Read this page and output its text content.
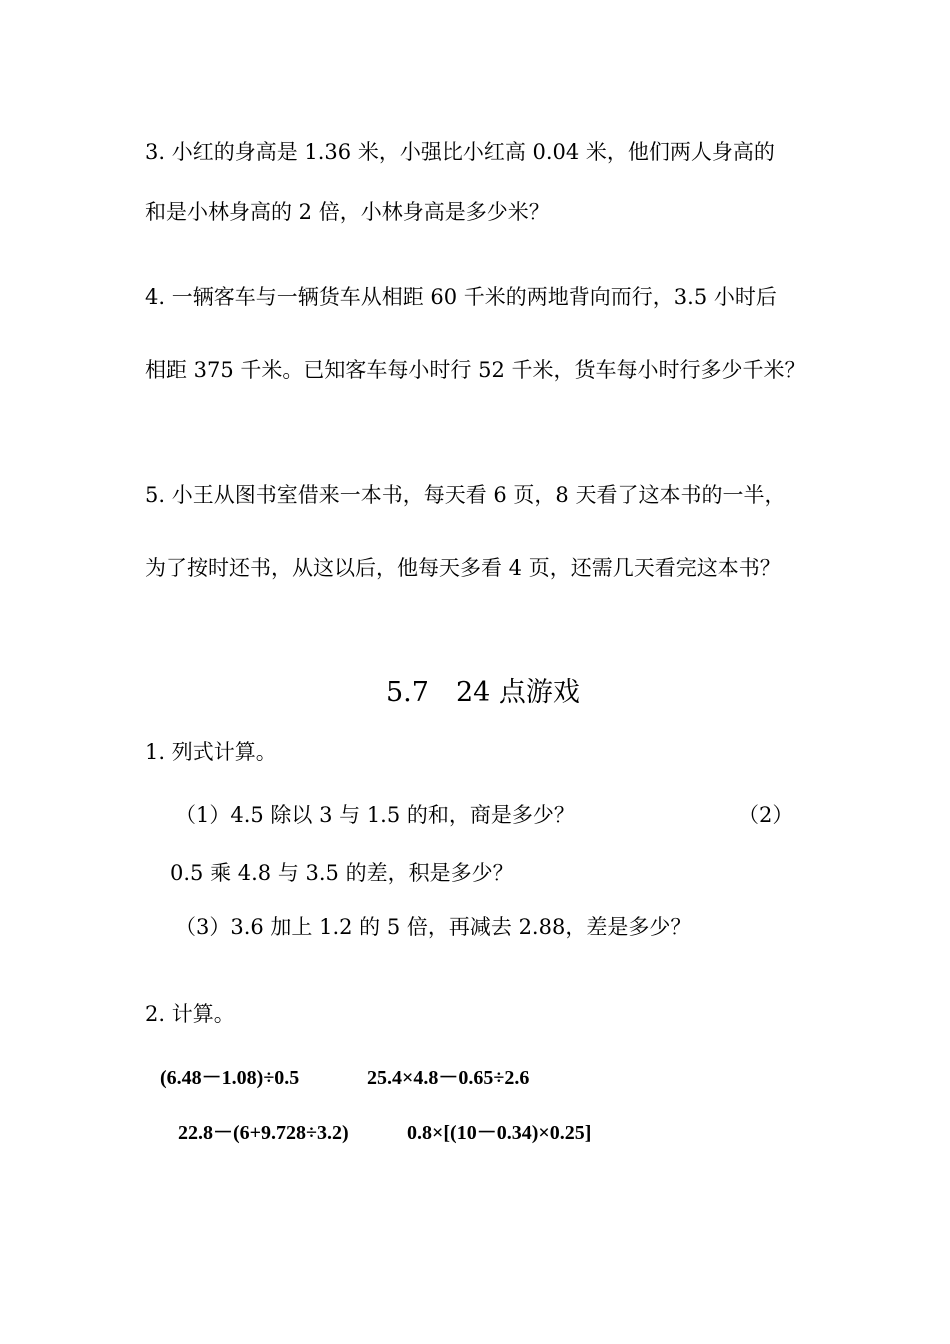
3. 小红的身高是 1.36 米，小强比小红高 0.04 米，他们两人身高的
和是小林身高的 2 倍，小林身高是多少米？
4. 一辆客车与一辆货车从相距 60 千米的两地背向而行，3.5 小时后
相距 375 千米。已知客车每小时行 52 千米，货车每小时行多少千米？
5. 小王从图书室借来一本书，每天看 6 页，8 天看了这本书的一半，
为了按时还书，从这以后，他每天多看 4 页，还需几天看完这本书？
5.7　24 点游戏
1. 列式计算。
（1）4.5 除以 3 与 1.5 的和，商是多少？	（2）
0.5 乘 4.8 与 3.5 的差，积是多少？
（3）3.6 加上 1.2 的 5 倍，再减去 2.88，差是多少？
2. 计算。
(6.48－1.08)÷0.5	25.4×4.8－0.65÷2.6
22.8－(6+9.728÷3.2)	0.8×[(10－0.34)×0.25]
